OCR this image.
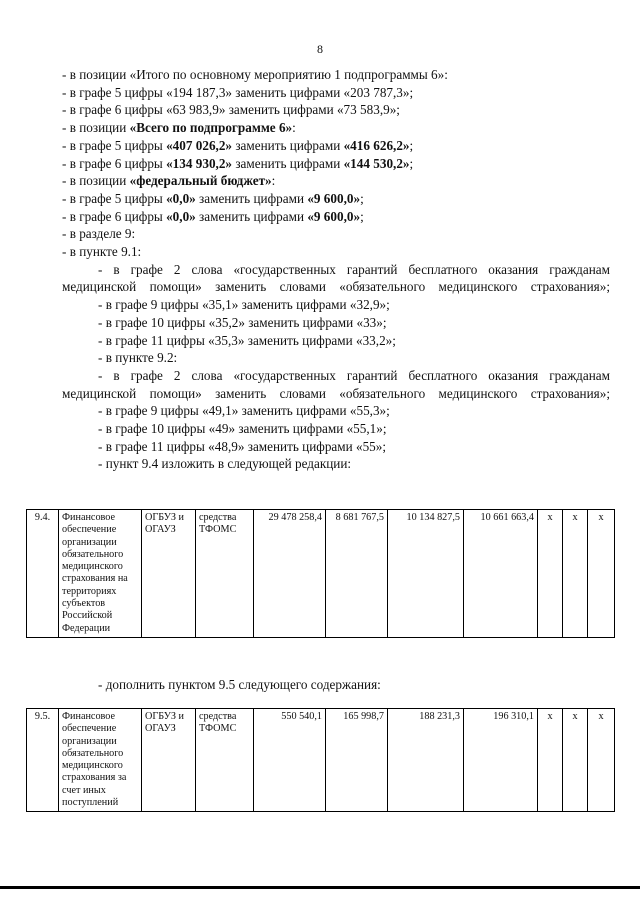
8
- в позиции «Итого по основному мероприятию 1 подпрограммы 6»:
- в графе 5 цифры «194 187,3» заменить цифрами «203 787,3»;
- в графе 6 цифры «63 983,9» заменить цифрами «73 583,9»;
- в позиции «Всего по подпрограмме 6»:
- в графе 5 цифры «407 026,2» заменить цифрами «416 626,2»;
- в графе 6 цифры «134 930,2» заменить цифрами «144 530,2»;
- в позиции «федеральный бюджет»:
- в графе 5 цифры «0,0» заменить цифрами «9 600,0»;
- в графе 6 цифры «0,0» заменить цифрами «9 600,0»;
- в разделе 9:
- в пункте 9.1:
- в графе 2 слова «государственных гарантий бесплатного оказания гражданам медицинской помощи» заменить словами «обязательного медицинского страхования»;
- в графе 9 цифры «35,1» заменить цифрами «32,9»;
- в графе 10 цифры «35,2» заменить цифрами «33»;
- в графе 11 цифры «35,3» заменить цифрами «33,2»;
- в пункте 9.2:
- в графе 2 слова «государственных гарантий бесплатного оказания гражданам медицинской помощи» заменить словами «обязательного медицинского страхования»;
- в графе 9 цифры «49,1» заменить цифрами «55,3»;
- в графе 10 цифры «49» заменить цифрами «55,1»;
- в графе 11 цифры «48,9» заменить цифрами «55»;
- пункт 9.4 изложить в следующей редакции:
9.4.	Финансовое обеспечение организации обязательного медицинского страхования на территориях субъектов Российской Федерации	ОГБУЗ и ОГАУЗ	средства ТФОМС	29 478 258,4	8 681 767,5	10 134 827,5	10 661 663,4	x	x	x
- дополнить пунктом 9.5 следующего содержания:
9.5.	Финансовое обеспечение организации обязательного медицинского страхования за счет иных поступлений	ОГБУЗ и ОГАУЗ	средства ТФОМС	550 540,1	165 998,7	188 231,3	196 310,1	x	x	x
